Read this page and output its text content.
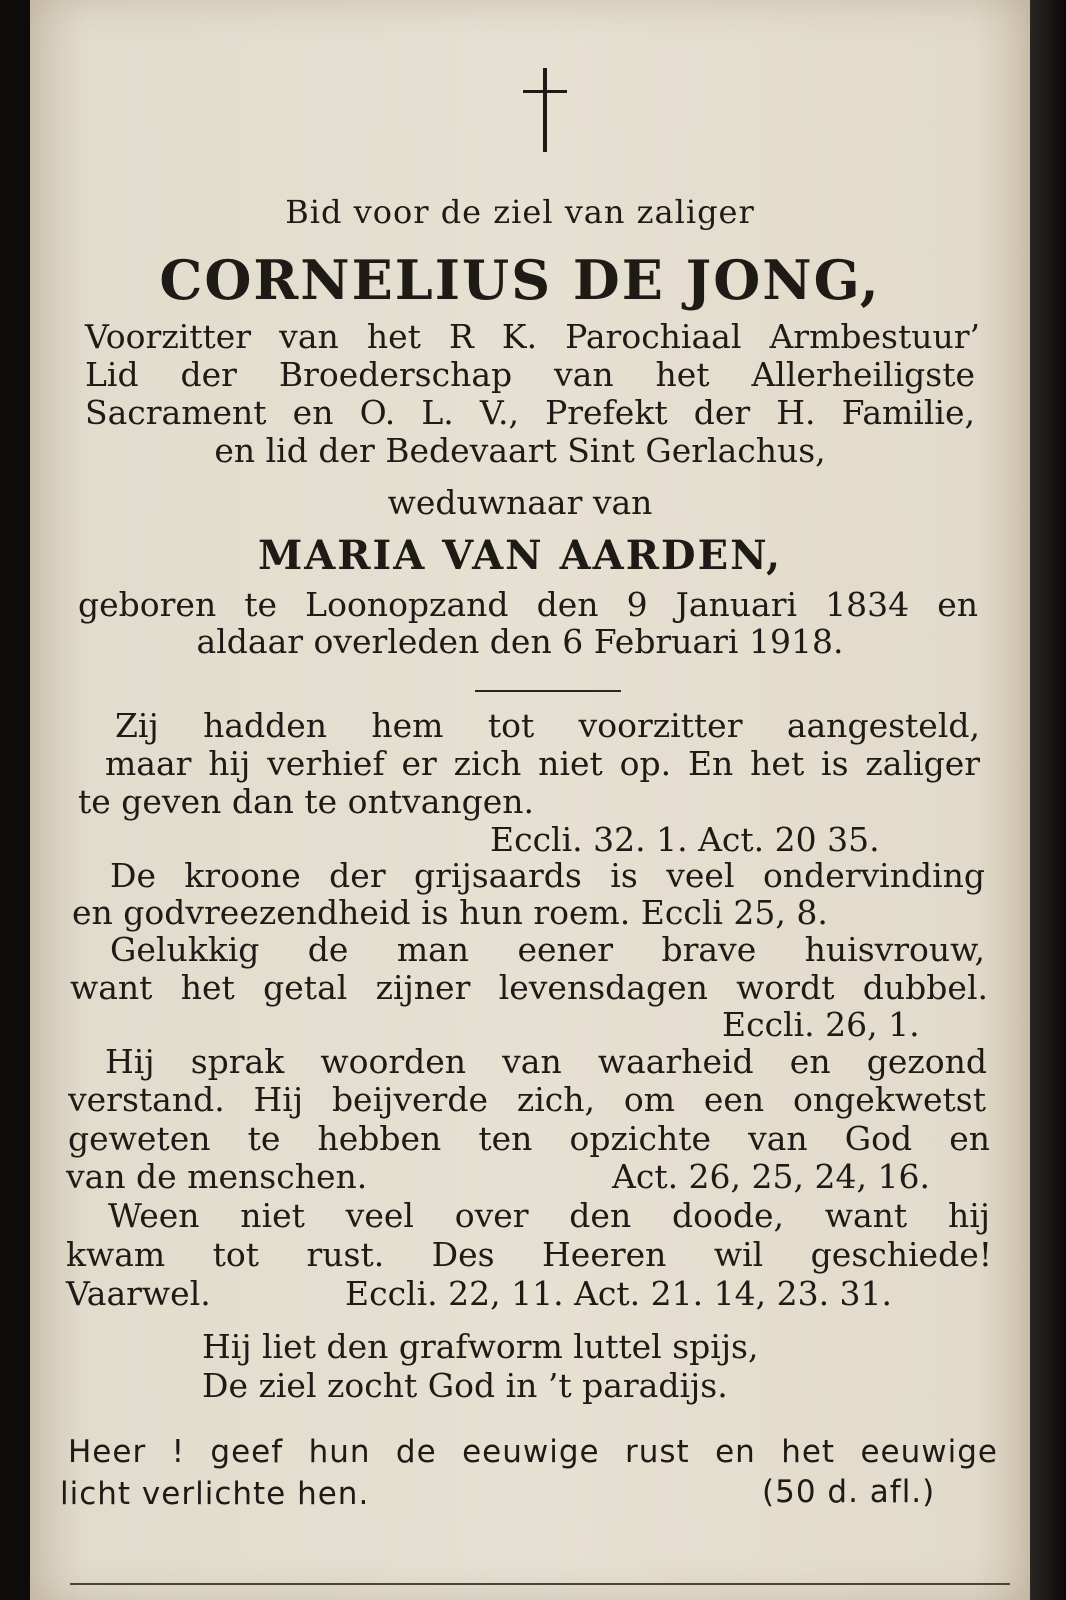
Bid voor de ziel van zaliger

CORNELIUS DE JONG,

Voorzitter van het R K. Parochiaal Armbestuur’

Lid der Broederschap van het Allerheiligste

Sacrament en O. L. V., Prefekt der H. Familie,

en lid der Bedevaart Sint Gerlachus,

weduwnaar van

MARIA VAN AARDEN,

geboren te Loonopzand den 9 Januari 1834 en

aldaar overleden den 6 Februari 1918.

Zij hadden hem tot voorzitter aangesteld,

maar hij verhief er zich niet op. En het is zaliger

te geven dan te ontvangen.

Eccli. 32. 1. Act. 20 35.

De kroone der grijsaards is veel ondervinding

en godvreezendheid is hun roem. Eccli 25, 8.

Gelukkig de man eener brave huisvrouw,

want het getal zijner levensdagen wordt dubbel.

Eccli. 26, 1.

Hij sprak woorden van waarheid en gezond

verstand. Hij beijverde zich, om een ongekwetst

geweten te hebben ten opzichte van God en

van de menschen.	Act. 26, 25, 24, 16.

Ween niet veel over den doode, want hij

kwam tot rust. Des Heeren wil geschiede!

Vaarwel.	Eccli. 22, 11. Act. 21. 14, 23. 31.

Hij liet den grafworm luttel spijs,

De ziel zocht God in ’t paradijs.

Heer ! geef hun de eeuwige rust en het eeuwige

licht verlichte hen.	(50 d. afl.)
